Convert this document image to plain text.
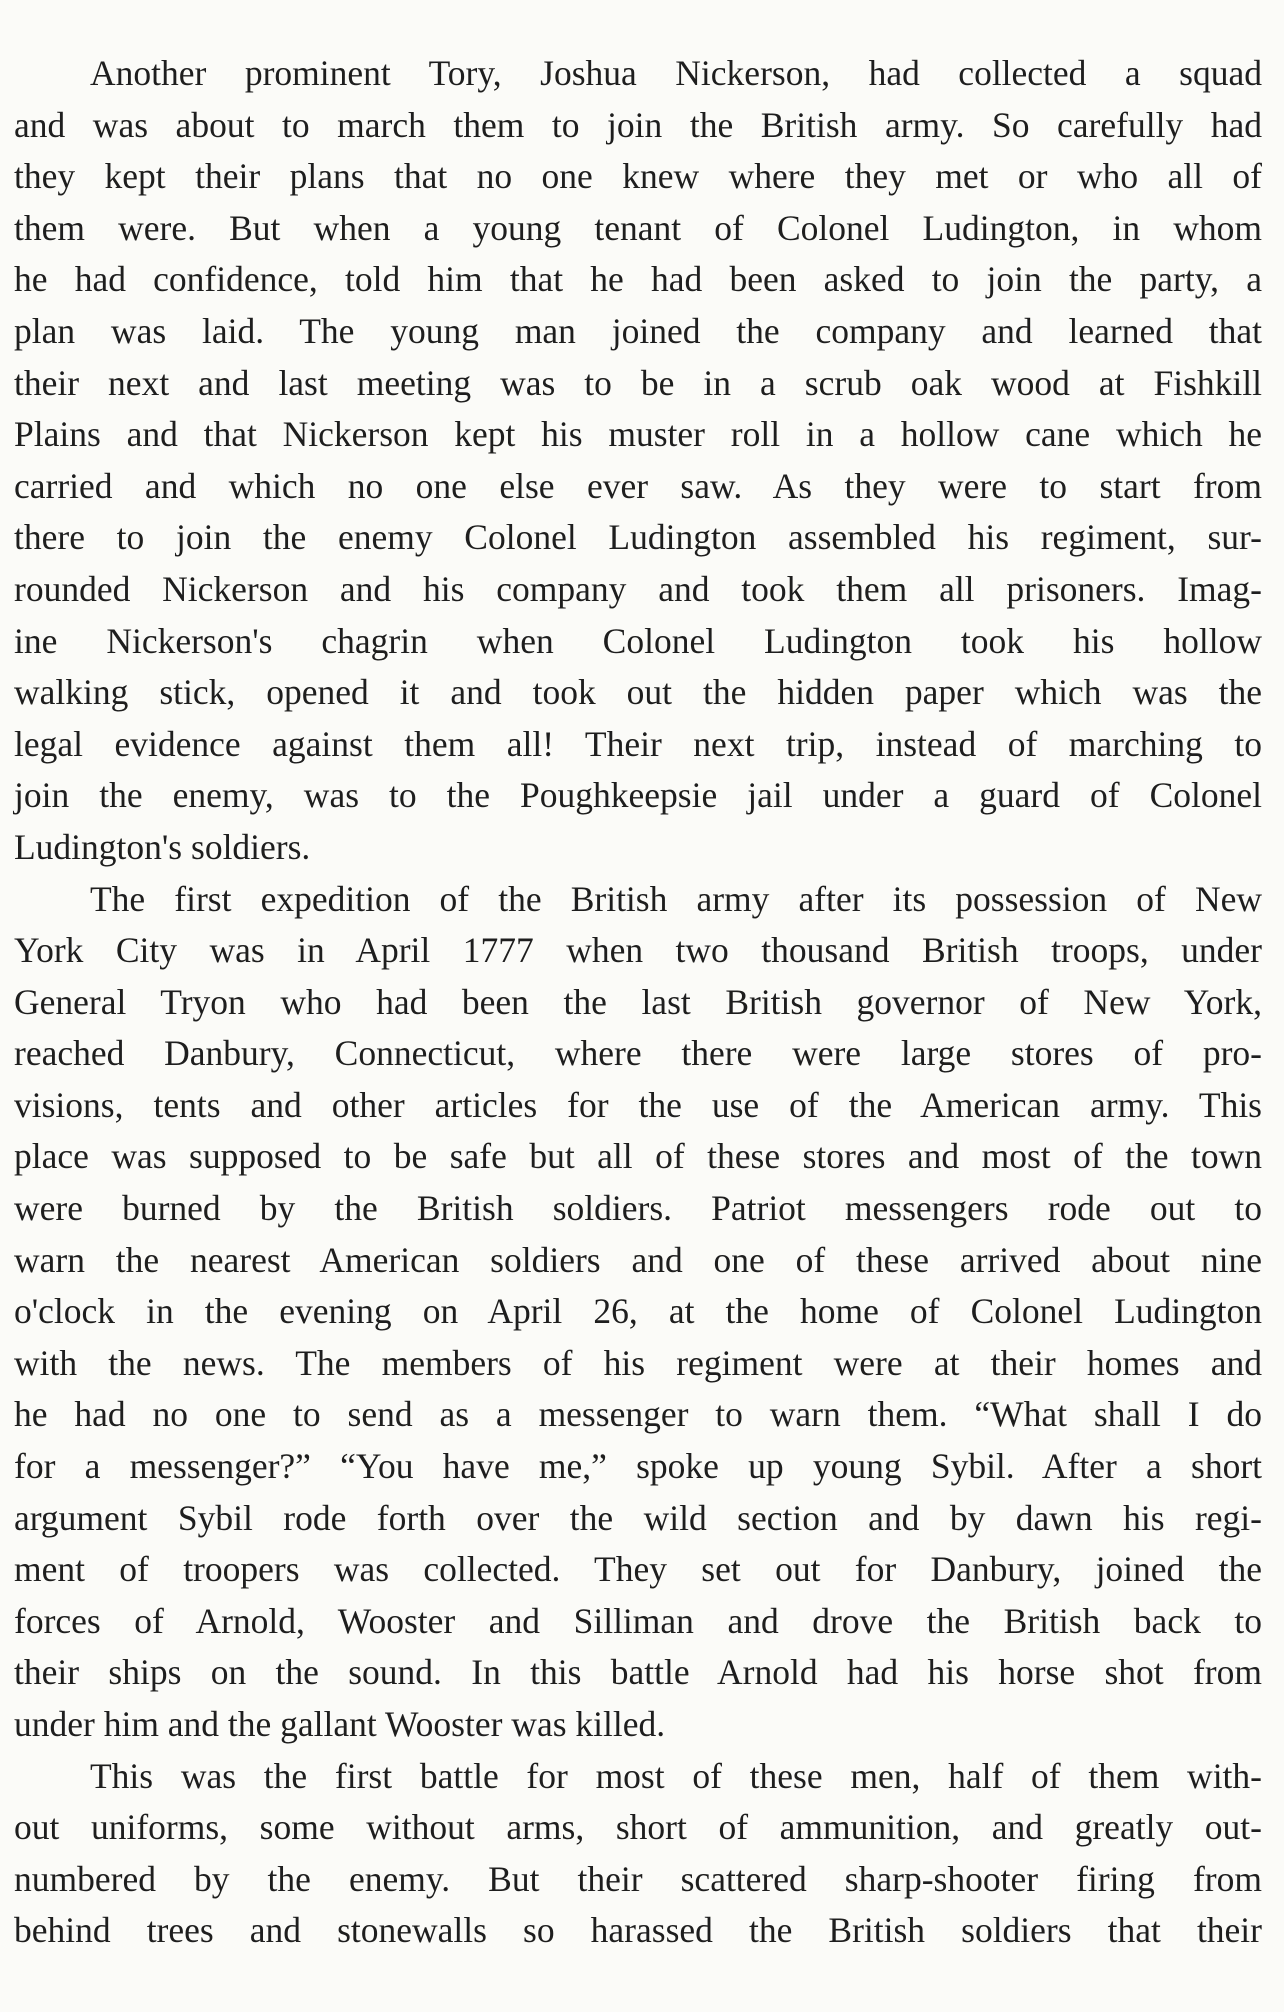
Another prominent Tory, Joshua Nickerson, had collected a squad
and was about to march them to join the British army. So carefully had
they kept their plans that no one knew where they met or who all of
them were. But when a young tenant of Colonel Ludington, in whom
he had confidence, told him that he had been asked to join the party, a
plan was laid. The young man joined the company and learned that
their next and last meeting was to be in a scrub oak wood at Fishkill
Plains and that Nickerson kept his muster roll in a hollow cane which he
carried and which no one else ever saw. As they were to start from
there to join the enemy Colonel Ludington assembled his regiment, sur-
rounded Nickerson and his company and took them all prisoners. Imag-
ine Nickerson's chagrin when Colonel Ludington took his hollow
walking stick, opened it and took out the hidden paper which was the
legal evidence against them all! Their next trip, instead of marching to
join the enemy, was to the Poughkeepsie jail under a guard of Colonel
Ludington's soldiers.

The first expedition of the British army after its possession of New
York City was in April 1777 when two thousand British troops, under
General Tryon who had been the last British governor of New York,
reached Danbury, Connecticut, where there were large stores of pro-
visions, tents and other articles for the use of the American army. This
place was supposed to be safe but all of these stores and most of the town
were burned by the British soldiers. Patriot messengers rode out to
warn the nearest American soldiers and one of these arrived about nine
o'clock in the evening on April 26, at the home of Colonel Ludington
with the news. The members of his regiment were at their homes and
he had no one to send as a messenger to warn them. “What shall I do
for a messenger?” “You have me,” spoke up young Sybil. After a short
argument Sybil rode forth over the wild section and by dawn his regi-
ment of troopers was collected. They set out for Danbury, joined the
forces of Arnold, Wooster and Silliman and drove the British back to
their ships on the sound. In this battle Arnold had his horse shot from
under him and the gallant Wooster was killed.

This was the first battle for most of these men, half of them with-
out uniforms, some without arms, short of ammunition, and greatly out-
numbered by the enemy. But their scattered sharp-shooter firing from
behind trees and stonewalls so harassed the British soldiers that their
